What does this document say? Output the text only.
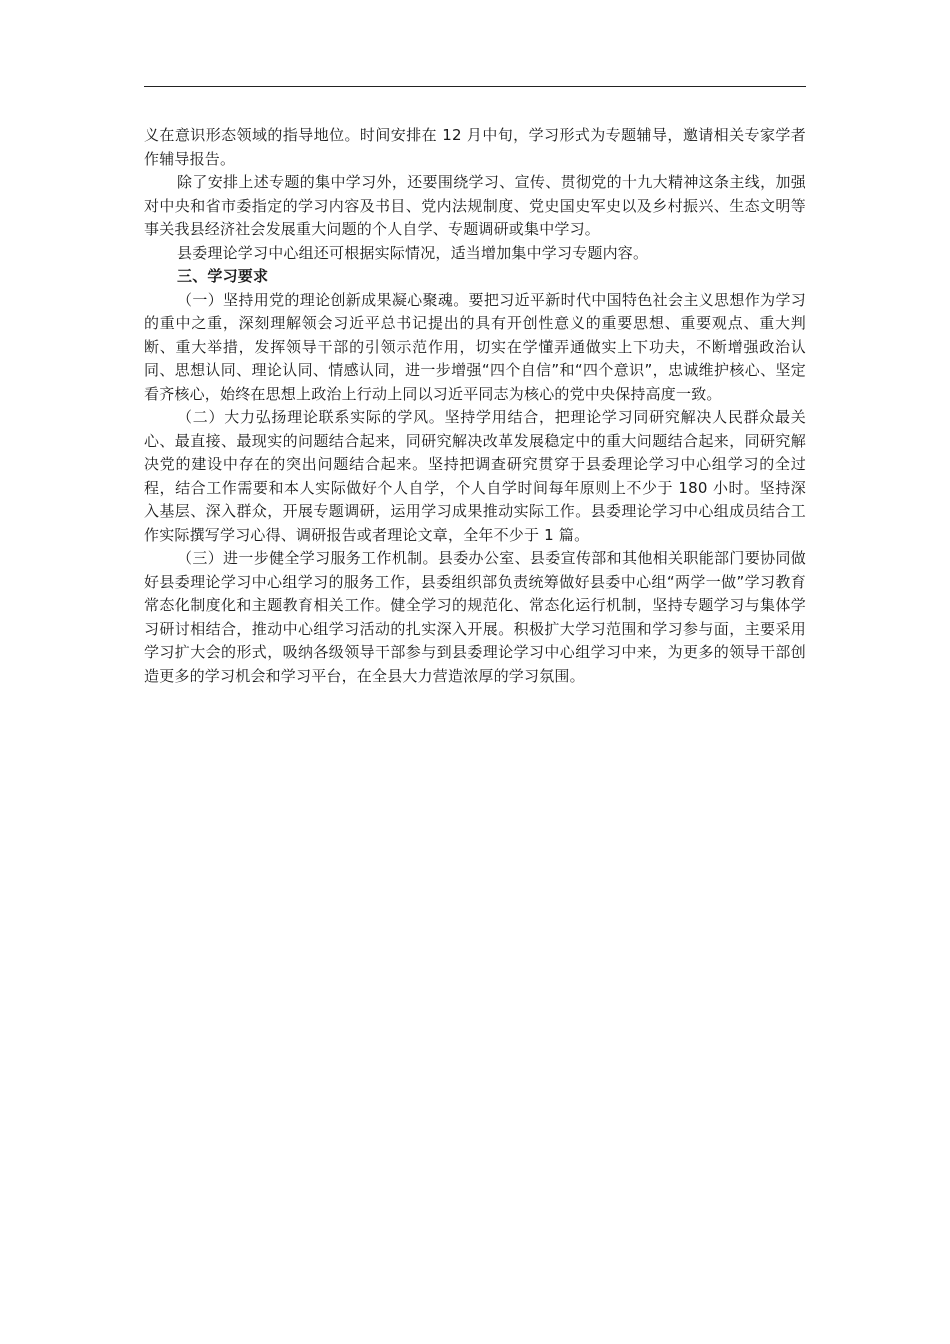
义在意识形态领域的指导地位。时间安排在 12 月中旬，学习形式为专题辅导，邀请相关专家学者作辅导报告。

除了安排上述专题的集中学习外，还要围绕学习、宣传、贯彻党的十九大精神这条主线，加强对中央和省市委指定的学习内容及书目、党内法规制度、党史国史军史以及乡村振兴、生态文明等事关我县经济社会发展重大问题的个人自学、专题调研或集中学习。

县委理论学习中心组还可根据实际情况，适当增加集中学习专题内容。

三、学习要求

（一）坚持用党的理论创新成果凝心聚魂。要把习近平新时代中国特色社会主义思想作为学习的重中之重，深刻理解领会习近平总书记提出的具有开创性意义的重要思想、重要观点、重大判断、重大举措，发挥领导干部的引领示范作用，切实在学懂弄通做实上下功夫，不断增强政治认同、思想认同、理论认同、情感认同，进一步增强“四个自信”和“四个意识”，忠诚维护核心、坚定看齐核心，始终在思想上政治上行动上同以习近平同志为核心的党中央保持高度一致。

（二）大力弘扬理论联系实际的学风。坚持学用结合，把理论学习同研究解决人民群众最关心、最直接、最现实的问题结合起来，同研究解决改革发展稳定中的重大问题结合起来，同研究解决党的建设中存在的突出问题结合起来。坚持把调查研究贯穿于县委理论学习中心组学习的全过程，结合工作需要和本人实际做好个人自学，个人自学时间每年原则上不少于 180 小时。坚持深入基层、深入群众，开展专题调研，运用学习成果推动实际工作。县委理论学习中心组成员结合工作实际撰写学习心得、调研报告或者理论文章，全年不少于 1 篇。

（三）进一步健全学习服务工作机制。县委办公室、县委宣传部和其他相关职能部门要协同做好县委理论学习中心组学习的服务工作，县委组织部负责统筹做好县委中心组“两学一做”学习教育常态化制度化和主题教育相关工作。健全学习的规范化、常态化运行机制，坚持专题学习与集体学习研讨相结合，推动中心组学习活动的扎实深入开展。积极扩大学习范围和学习参与面，主要采用学习扩大会的形式，吸纳各级领导干部参与到县委理论学习中心组学习中来，为更多的领导干部创造更多的学习机会和学习平台，在全县大力营造浓厚的学习氛围。
